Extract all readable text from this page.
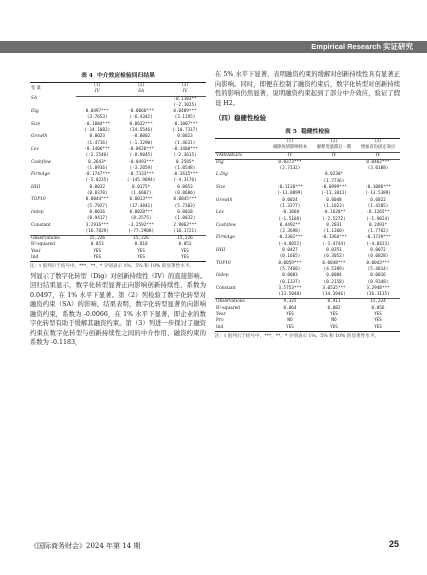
Empirical Research 实证研究
表 4 中介效应检验回归结果
变 量	(1)	(2)	(3)
	IV	SA	IV
SA			-0.1183**
			(-2.1025)
Dig	0.0497***	-0.0066***	0.0489***
	(3.7653)	(-6.4342)	(3.1195)
Size	-0.1084***	0.0632***	-0.1007***
	(-14.1082)	(34.5546)	(-10.7317)
Growth	0.0023	-0.0002	0.0023
	(1.4716)	(-1.3290)	(1.4631)
Lev	-0.1406***	-0.0626***	-0.1480***
	(-2.2546)	(-8.9045)	(-2.3615)
Cashflow	0.2643*	-0.0493***	0.2585*
	(1.8916)	(-3.2059)	(1.8548)
FirmAge	-0.1747***	-0.7333***	-0.2615***
	(-5.0225)	(-145.9094)	(-4.3176)
HHI	0.0032	0.0175*	0.0053
	(0.0370)	(1.6607)	(0.0606)
TOP10	0.0044***	0.0013***	0.0045***
	(5.7927)	(17.4841)	(5.7303)
Indep	0.0016	0.0020***	0.0018
	(0.9417)	(8.2575)	(1.0832)
Constant	3.2916***	-3.2592***	2.9062***
	(16.7829)	(-77.2908)	(10.1721)
Observations	15,226	15,226	15,226
R²-squared	0.053	0.810	0.053
Year	YES	YES	YES
Ind	YES	YES	YES

注：t 值列示于括号中，***、**、* 分别表示 1%、5% 和 10% 的显著性水平。

列显示了数字化转型（Dig）对创新持续性（IV）的直接影响。回归结果显示，数字化转型显著正向影响创新持续性，系数为 0.0497，在 1% 水平下显著。第（2）列检验了数字化转型对融资约束（SA）的影响，结果表明，数字化转型显著负向影响融资约束，系数为 -0.0066，在 1% 水平下显著，即企业的数字化转型有助于缓解其融资约束。第（3）列进一步探讨了融资约束在数字化转型与创新持续性之间的中介作用，融资约束的系数为 -0.1183，

在 5% 水平下显著，表明融资约束的缓解对创新持续性具有显著正向影响。同时，即便在控制了融资约束后，数字化转型对创新持续性的影响仍然显著，说明融资约束起到了部分中介效应，验证了假设 H2。

（四）稳健性检验
表 5 稳健性检验
	(1)	(2)	(3)
	剔除疫情影响样本	解释变量滞后一期	增加省份固定效应
VARIABLES	IV	IV	IV
Dig	0.0373***		0.0462***
	(2.7132)		(3.0188)
L.Dig		0.0230*	
		(1.7736)	
Size	-0.1138***	-0.0999***	-0.1086***
	(-11.0899)	(-11.3011)	(-13.5389)
Growth	0.0024	0.0048	0.0022
	(1.3377)	(1.1023)	(1.4205)
Lev	-0.1060	-0.1628**	-0.1265**
	(-1.5168)	(-2.5272)	(-1.9824)
Cashflow	0.4492**	0.2031	0.2493*
	(2.3698)	(1.1360)	(1.7702)
FirmAge	-0.2301***	-0.1366***	-0.1739***
	(-4.8052)	(-3.4744)	(-4.8423)
HHI	0.0427	0.0351	0.0072
	(0.1665)	(0.3052)	(0.0828)
TOP10	0.0059***	0.0048***	0.0043***
	(5.7460)	(4.5389)	(5.4814)
Indep	0.0003	0.0004	0.0016
	(0.1337)	(0.2158)	(0.9348)
Constant	3.5753***	3.0535***	3.2948***
	(13.5048)	(14.3946)	(16.1115)
Observations	9,325	8,411	15,224
R²-squared	0.064	0.082	0.056
Year	YES	YES	YES
Pro	NO	NO	YES
Ind	YES	YES	YES

注：t 值列示于括号中，***、**、* 分别表示 1%、5% 和 10% 的显著性水平。

《国际商务财会》2024 年第 14 期	25
